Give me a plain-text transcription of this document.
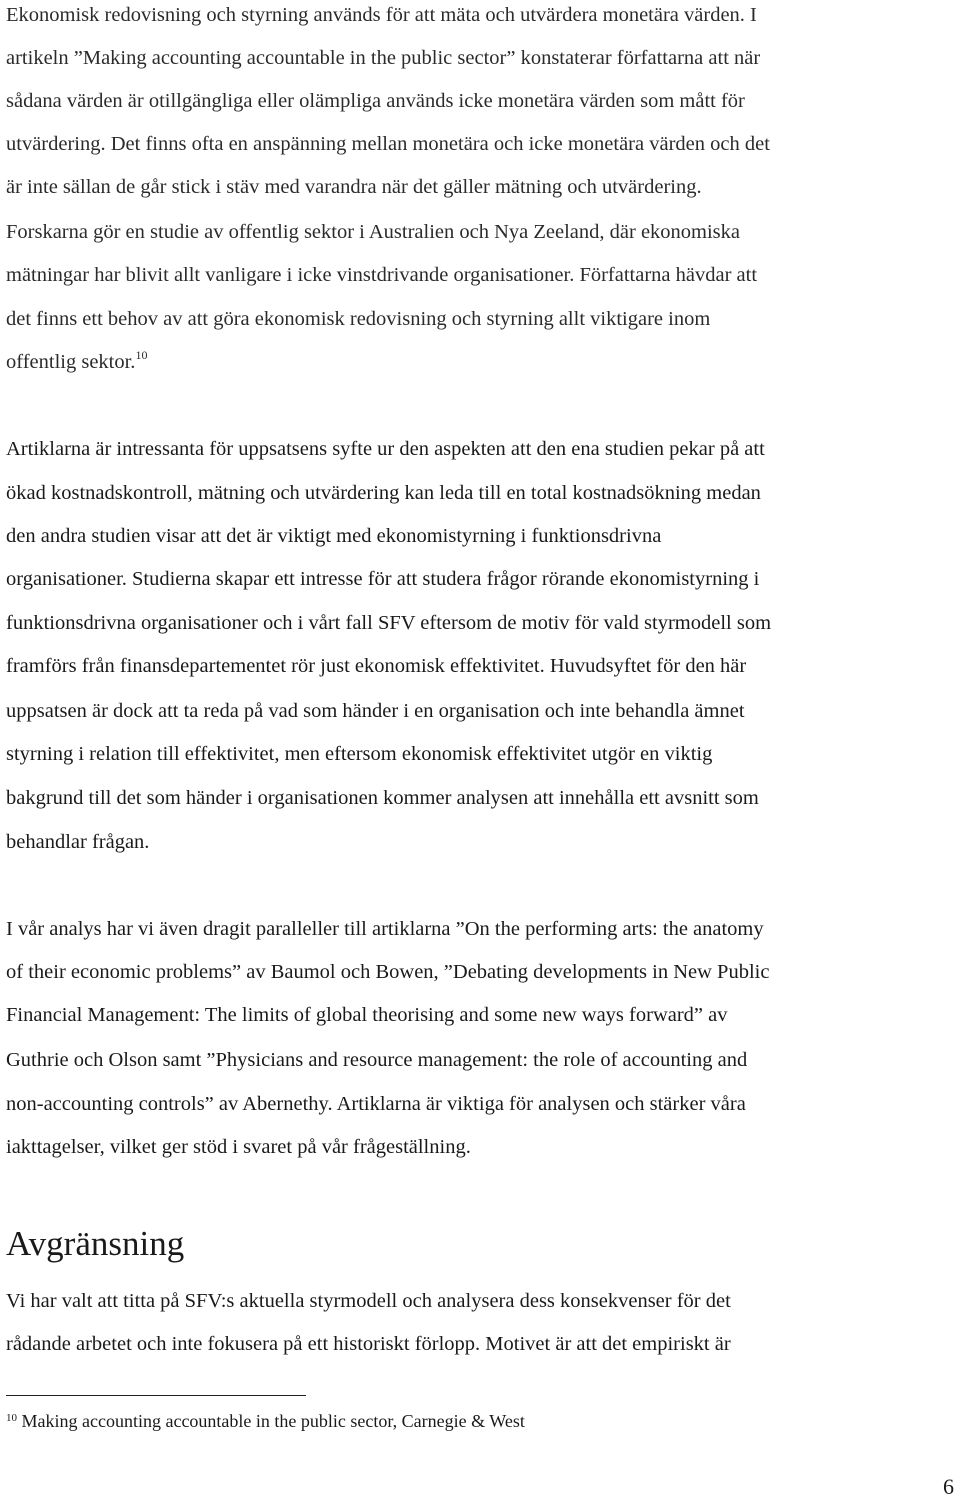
Ekonomisk redovisning och styrning används för att mäta och utvärdera monetära värden. I
artikeln ”Making accounting accountable in the public sector” konstaterar författarna att när
sådana värden är otillgängliga eller olämpliga används icke monetära värden som mått för
utvärdering. Det finns ofta en anspänning mellan monetära och icke monetära värden och det
är inte sällan de går stick i stäv med varandra när det gäller mätning och utvärdering.
Forskarna gör en studie av offentlig sektor i Australien och Nya Zeeland, där ekonomiska
mätningar har blivit allt vanligare i icke vinstdrivande organisationer. Författarna hävdar att
det finns ett behov av att göra ekonomisk redovisning och styrning allt viktigare inom
offentlig sektor.$^{10}$
Artiklarna är intressanta för uppsatsens syfte ur den aspekten att den ena studien pekar på att
ökad kostnadskontroll, mätning och utvärdering kan leda till en total kostnadsökning medan
den andra studien visar att det är viktigt med ekonomistyrning i funktionsdrivna
organisationer. Studierna skapar ett intresse för att studera frågor rörande ekonomistyrning i
funktionsdrivna organisationer och i vårt fall SFV eftersom de motiv för vald styrmodell som
framförs från finansdepartementet rör just ekonomisk effektivitet. Huvudsyftet för den här
uppsatsen är dock att ta reda på vad som händer i en organisation och inte behandla ämnet
styrning i relation till effektivitet, men eftersom ekonomisk effektivitet utgör en viktig
bakgrund till det som händer i organisationen kommer analysen att innehålla ett avsnitt som
behandlar frågan.
I vår analys har vi även dragit paralleller till artiklarna ”On the performing arts: the anatomy
of their economic problems” av Baumol och Bowen, ”Debating developments in New Public
Financial Management: The limits of global theorising and some new ways forward” av
Guthrie och Olson samt ”Physicians and resource management: the role of accounting and
non-accounting controls” av Abernethy. Artiklarna är viktiga för analysen och stärker våra
iakttagelser, vilket ger stöd i svaret på vår frågeställning.
Avgränsning
Vi har valt att titta på SFV:s aktuella styrmodell och analysera dess konsekvenser för det
rådande arbetet och inte fokusera på ett historiskt förlopp. Motivet är att det empiriskt är
$^{10}$ Making accounting accountable in the public sector, Carnegie & West
6
